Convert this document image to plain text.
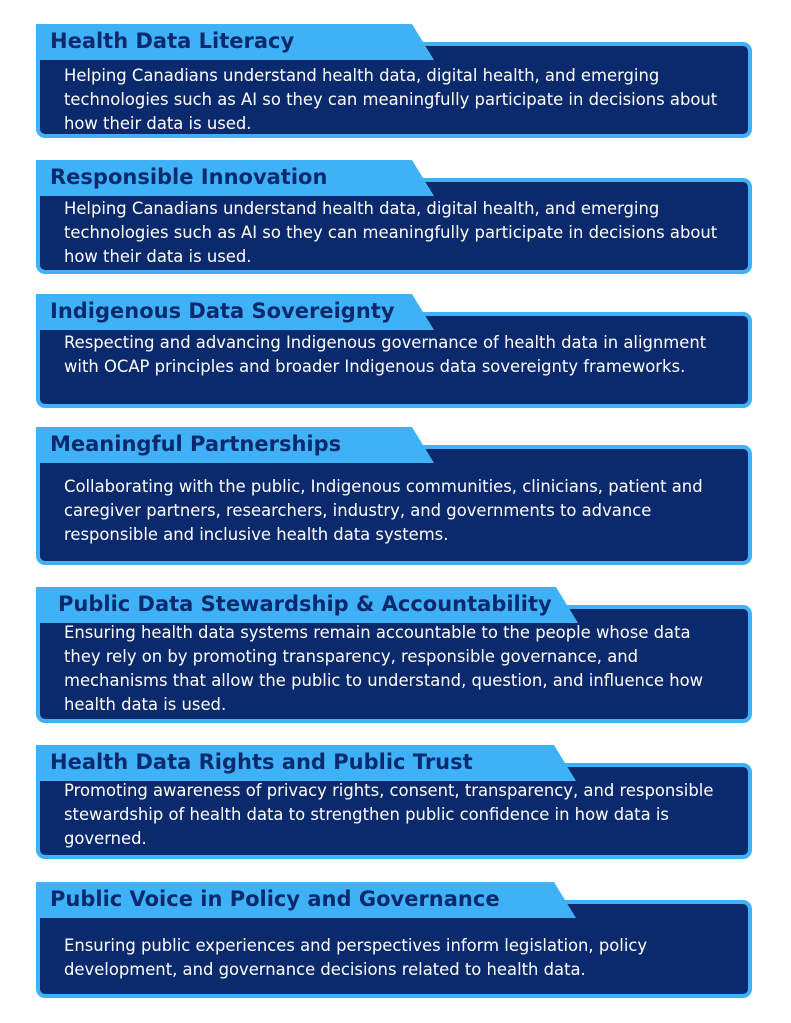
Health Data Literacy
Helping Canadians understand health data, digital health, and emerging technologies such as AI so they can meaningfully participate in decisions about how their data is used.
Responsible Innovation
Helping Canadians understand health data, digital health, and emerging technologies such as AI so they can meaningfully participate in decisions about how their data is used.
Indigenous Data Sovereignty
Respecting and advancing Indigenous governance of health data in alignment with OCAP principles and broader Indigenous data sovereignty frameworks.
Meaningful Partnerships
Collaborating with the public, Indigenous communities, clinicians, patient and caregiver partners, researchers, industry, and governments to advance responsible and inclusive health data systems.
Public Data Stewardship & Accountability
Ensuring health data systems remain accountable to the people whose data they rely on by promoting transparency, responsible governance, and mechanisms that allow the public to understand, question, and influence how health data is used.
Health Data Rights and Public Trust
Promoting awareness of privacy rights, consent, transparency, and responsible stewardship of health data to strengthen public confidence in how data is governed.
Public Voice in Policy and Governance
Ensuring public experiences and perspectives inform legislation, policy development, and governance decisions related to health data.
